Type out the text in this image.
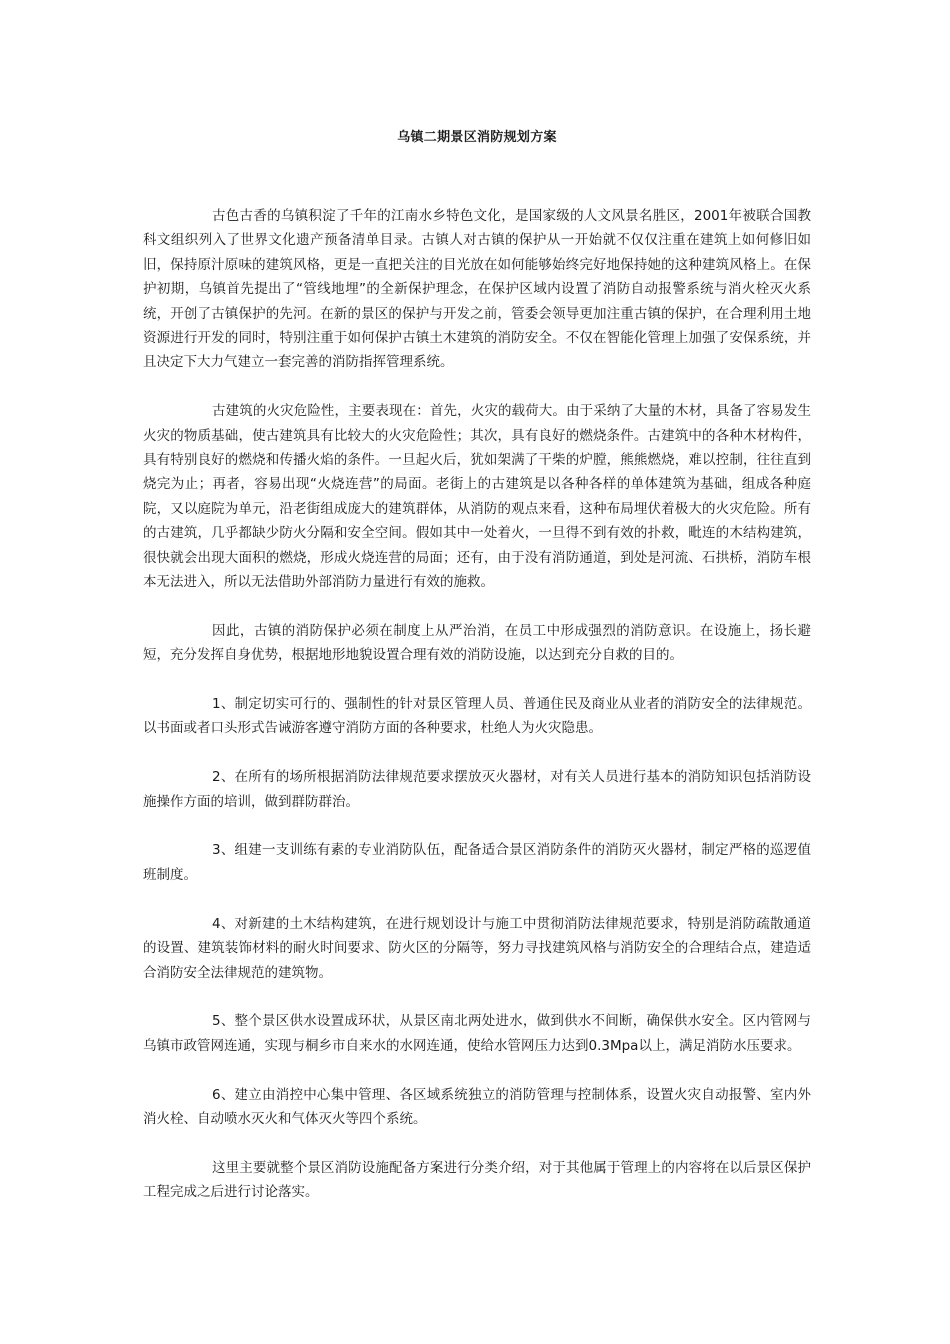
乌镇二期景区消防规划方案

古色古香的乌镇积淀了千年的江南水乡特色文化，是国家级的人文风景名胜区，2001年被联合国教科文组织列入了世界文化遗产预备清单目录。古镇人对古镇的保护从一开始就不仅仅注重在建筑上如何修旧如旧，保持原汁原味的建筑风格，更是一直把关注的目光放在如何能够始终完好地保持她的这种建筑风格上。在保护初期，乌镇首先提出了“管线地埋”的全新保护理念，在保护区域内设置了消防自动报警系统与消火栓灭火系统，开创了古镇保护的先河。在新的景区的保护与开发之前，管委会领导更加注重古镇的保护，在合理利用土地资源进行开发的同时，特别注重于如何保护古镇土木建筑的消防安全。不仅在智能化管理上加强了安保系统，并且决定下大力气建立一套完善的消防指挥管理系统。

古建筑的火灾危险性，主要表现在：首先，火灾的载荷大。由于采纳了大量的木材，具备了容易发生火灾的物质基础，使古建筑具有比较大的火灾危险性；其次，具有良好的燃烧条件。古建筑中的各种木材构件，具有特别良好的燃烧和传播火焰的条件。一旦起火后，犹如架满了干柴的炉膛，熊熊燃烧，难以控制，往往直到烧完为止；再者，容易出现“火烧连营”的局面。老街上的古建筑是以各种各样的单体建筑为基础，组成各种庭院，又以庭院为单元，沿老街组成庞大的建筑群体，从消防的观点来看，这种布局埋伏着极大的火灾危险。所有的古建筑，几乎都缺少防火分隔和安全空间。假如其中一处着火，一旦得不到有效的扑救，毗连的木结构建筑，很快就会出现大面积的燃烧，形成火烧连营的局面；还有，由于没有消防通道，到处是河流、石拱桥，消防车根本无法进入，所以无法借助外部消防力量进行有效的施救。

因此，古镇的消防保护必须在制度上从严治消，在员工中形成强烈的消防意识。在设施上，扬长避短，充分发挥自身优势，根据地形地貌设置合理有效的消防设施，以达到充分自救的目的。

1、制定切实可行的、强制性的针对景区管理人员、普通住民及商业从业者的消防安全的法律规范。以书面或者口头形式告诫游客遵守消防方面的各种要求，杜绝人为火灾隐患。

2、在所有的场所根据消防法律规范要求摆放灭火器材，对有关人员进行基本的消防知识包括消防设施操作方面的培训，做到群防群治。

3、组建一支训练有素的专业消防队伍，配备适合景区消防条件的消防灭火器材，制定严格的巡逻值班制度。

4、对新建的土木结构建筑，在进行规划设计与施工中贯彻消防法律规范要求，特别是消防疏散通道的设置、建筑装饰材料的耐火时间要求、防火区的分隔等，努力寻找建筑风格与消防安全的合理结合点，建造适合消防安全法律规范的建筑物。

5、整个景区供水设置成环状，从景区南北两处进水，做到供水不间断，确保供水安全。区内管网与乌镇市政管网连通，实现与桐乡市自来水的水网连通，使给水管网压力达到0.3Mpa以上，满足消防水压要求。

6、建立由消控中心集中管理、各区域系统独立的消防管理与控制体系，设置火灾自动报警、室内外消火栓、自动喷水灭火和气体灭火等四个系统。

这里主要就整个景区消防设施配备方案进行分类介绍，对于其他属于管理上的内容将在以后景区保护工程完成之后进行讨论落实。
